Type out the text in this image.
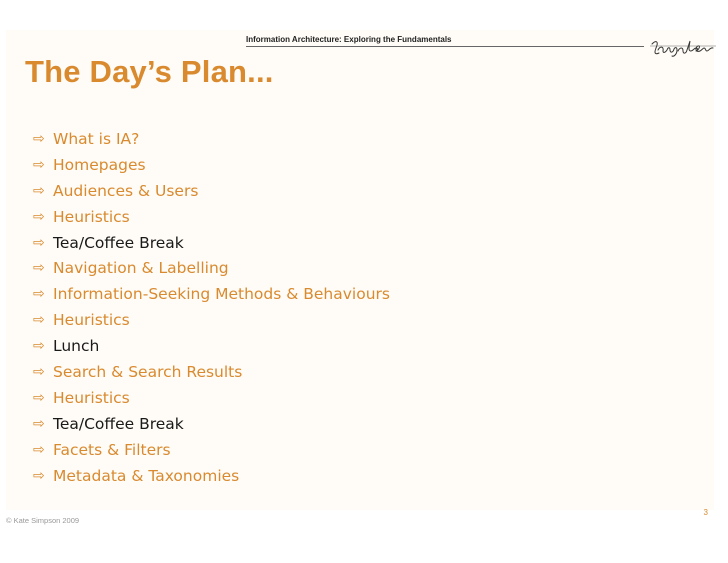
Information Architecture: Exploring the Fundamentals
The Day’s Plan...
⇨ What is IA?
⇨ Homepages
⇨ Audiences & Users
⇨ Heuristics
⇨ Tea/Coffee Break
⇨ Navigation & Labelling
⇨ Information-Seeking Methods & Behaviours
⇨ Heuristics
⇨ Lunch
⇨ Search & Search Results
⇨ Heuristics
⇨ Tea/Coffee Break
⇨ Facets & Filters
⇨ Metadata & Taxonomies
© Kate Simpson 2009
3
